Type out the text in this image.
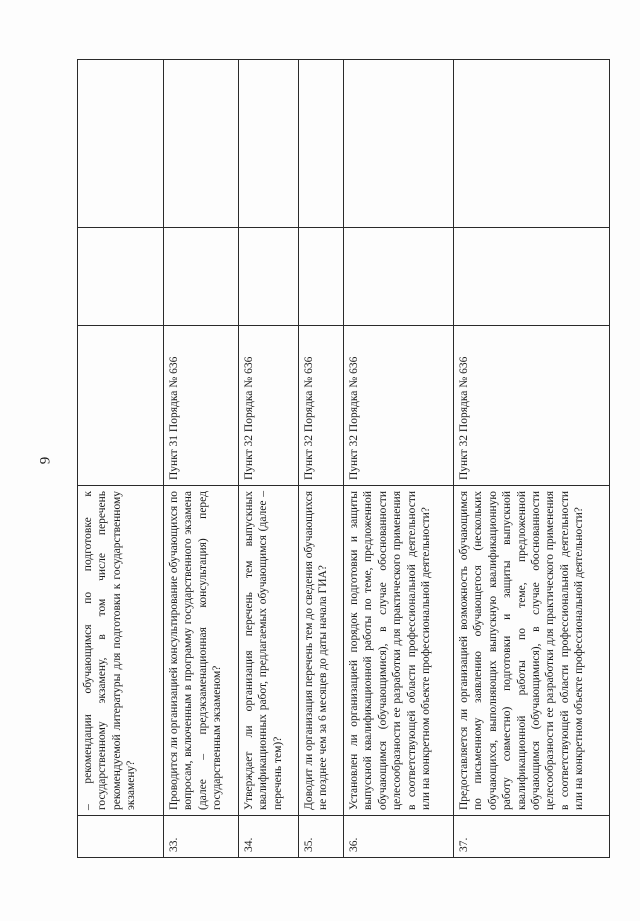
9
	– рекомендации обучающимся по подготовке к государственному экзамену, в том числе перечень рекомендуемой литературы для подготовки к государственному экзамену?			
33.	Проводится ли организацией консультирование обучающихся по вопросам, включенным в программу государственного экзамена (далее – предэкзаменационная консультация) перед государственным экзаменом?	Пункт 31 Порядка № 636		
34.	Утверждает ли организация перечень тем выпускных квалификационных работ, предлагаемых обучающимся (далее – перечень тем)?	Пункт 32 Порядка № 636		
35.	Доводит ли организация перечень тем до сведения обучающихся не позднее чем за 6 месяцев до даты начала ГИА?	Пункт 32 Порядка № 636		
36.	Установлен ли организацией порядок подготовки и защиты выпускной квалификационной работы по теме, предложенной обучающимся (обучающимися), в случае обоснованности целесообразности ее разработки для практического применения в соответствующей области профессиональной деятельности или на конкретном объекте профессиональной деятельности?	Пункт 32 Порядка № 636		
37.	Предоставляется ли организацией возможность обучающимся по письменному заявлению обучающегося (нескольких обучающихся, выполняющих выпускную квалификационную работу совместно) подготовки и защиты выпускной квалификационной работы по теме, предложенной обучающимся (обучающимися), в случае обоснованности целесообразности ее разработки для практического применения в соответствующей области профессиональной деятельности или на конкретном объекте профессиональной деятельности?	Пункт 32 Порядка № 636		
